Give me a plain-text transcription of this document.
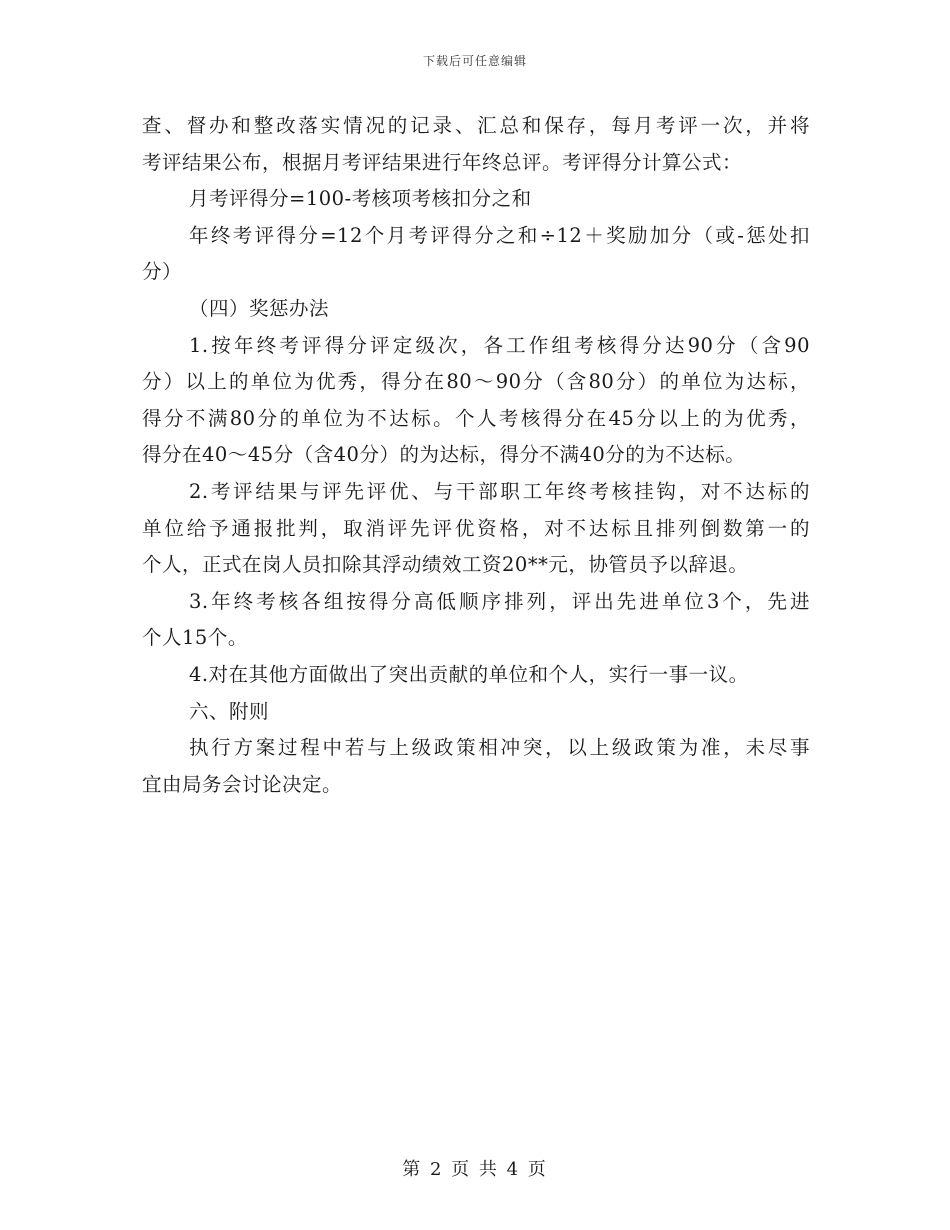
下载后可任意编辑
查、督办和整改落实情况的记录、汇总和保存，每月考评一次，并将
考评结果公布，根据月考评结果进行年终总评。考评得分计算公式：
月考评得分=100-考核项考核扣分之和
年终考评得分=12个月考评得分之和÷12＋奖励加分（或-惩处扣
分）
（四）奖惩办法
1.按年终考评得分评定级次，各工作组考核得分达90分（含90
分）以上的单位为优秀，得分在80～90分（含80分）的单位为达标，
得分不满80分的单位为不达标。个人考核得分在45分以上的为优秀，
得分在40～45分（含40分）的为达标，得分不满40分的为不达标。
2.考评结果与评先评优、与干部职工年终考核挂钩，对不达标的
单位给予通报批判，取消评先评优资格，对不达标且排列倒数第一的
个人，正式在岗人员扣除其浮动绩效工资20**元，协管员予以辞退。
3.年终考核各组按得分高低顺序排列，评出先进单位3个，先进
个人15个。
4.对在其他方面做出了突出贡献的单位和个人，实行一事一议。
六、附则
执行方案过程中若与上级政策相冲突，以上级政策为准，未尽事
宜由局务会讨论决定。
第 2 页 共 4 页
